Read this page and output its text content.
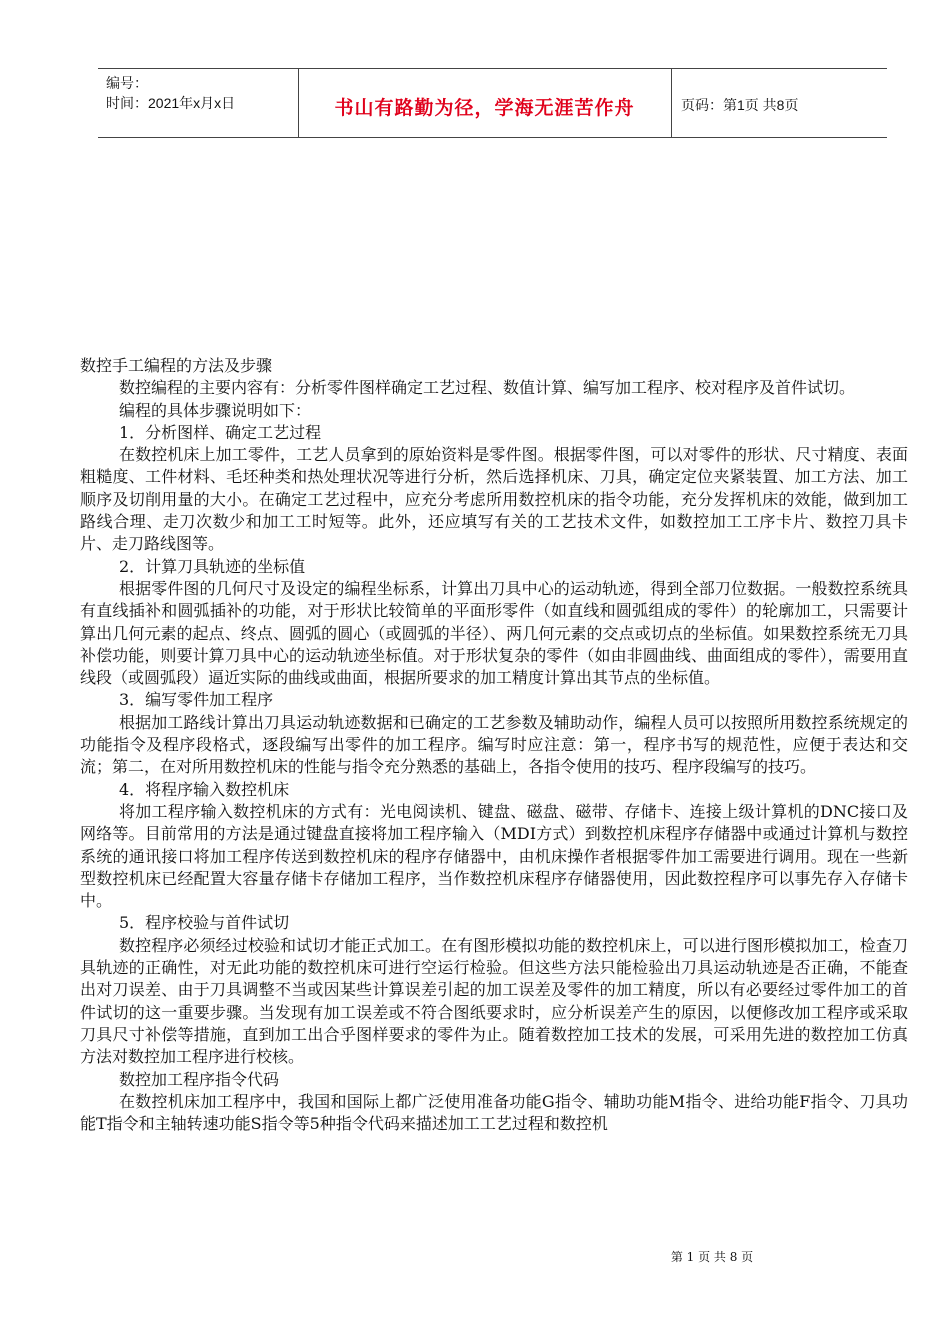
编号：
时间：2021年x月x日	书山有路勤为径，学海无涯苦作舟	页码：第1页 共8页

数控手工编程的方法及步骤

数控编程的主要内容有：分析零件图样确定工艺过程、数值计算、编写加工程序、校对程序及首件试切。

编程的具体步骤说明如下：

1．分析图样、确定工艺过程

在数控机床上加工零件，工艺人员拿到的原始资料是零件图。根据零件图，可以对零件的形状、尺寸精度、表面粗糙度、工件材料、毛坯种类和热处理状况等进行分析，然后选择机床、刀具，确定定位夹紧装置、加工方法、加工顺序及切削用量的大小。在确定工艺过程中，应充分考虑所用数控机床的指令功能，充分发挥机床的效能，做到加工路线合理、走刀次数少和加工工时短等。此外，还应填写有关的工艺技术文件，如数控加工工序卡片、数控刀具卡片、走刀路线图等。

2．计算刀具轨迹的坐标值

根据零件图的几何尺寸及设定的编程坐标系，计算出刀具中心的运动轨迹，得到全部刀位数据。一般数控系统具有直线插补和圆弧插补的功能，对于形状比较简单的平面形零件（如直线和圆弧组成的零件）的轮廓加工，只需要计算出几何元素的起点、终点、圆弧的圆心（或圆弧的半径）、两几何元素的交点或切点的坐标值。如果数控系统无刀具补偿功能，则要计算刀具中心的运动轨迹坐标值。对于形状复杂的零件（如由非圆曲线、曲面组成的零件），需要用直线段（或圆弧段）逼近实际的曲线或曲面，根据所要求的加工精度计算出其节点的坐标值。

3．编写零件加工程序

根据加工路线计算出刀具运动轨迹数据和已确定的工艺参数及辅助动作，编程人员可以按照所用数控系统规定的功能指令及程序段格式，逐段编写出零件的加工程序。编写时应注意：第一，程序书写的规范性，应便于表达和交流；第二，在对所用数控机床的性能与指令充分熟悉的基础上，各指令使用的技巧、程序段编写的技巧。

4．将程序输入数控机床

将加工程序输入数控机床的方式有：光电阅读机、键盘、磁盘、磁带、存储卡、连接上级计算机的DNC接口及网络等。目前常用的方法是通过键盘直接将加工程序输入（MDI方式）到数控机床程序存储器中或通过计算机与数控系统的通讯接口将加工程序传送到数控机床的程序存储器中，由机床操作者根据零件加工需要进行调用。现在一些新型数控机床已经配置大容量存储卡存储加工程序，当作数控机床程序存储器使用，因此数控程序可以事先存入存储卡中。

5．程序校验与首件试切

数控程序必须经过校验和试切才能正式加工。在有图形模拟功能的数控机床上，可以进行图形模拟加工，检查刀具轨迹的正确性，对无此功能的数控机床可进行空运行检验。但这些方法只能检验出刀具运动轨迹是否正确，不能查出对刀误差、由于刀具调整不当或因某些计算误差引起的加工误差及零件的加工精度，所以有必要经过零件加工的首件试切的这一重要步骤。当发现有加工误差或不符合图纸要求时，应分析误差产生的原因，以便修改加工程序或采取刀具尺寸补偿等措施，直到加工出合乎图样要求的零件为止。随着数控加工技术的发展，可采用先进的数控加工仿真方法对数控加工程序进行校核。

数控加工程序指令代码

在数控机床加工程序中，我国和国际上都广泛使用准备功能G指令、辅助功能M指令、进给功能F指令、刀具功能T指令和主轴转速功能S指令等5种指令代码来描述加工工艺过程和数控机

第 1 页 共 8 页
